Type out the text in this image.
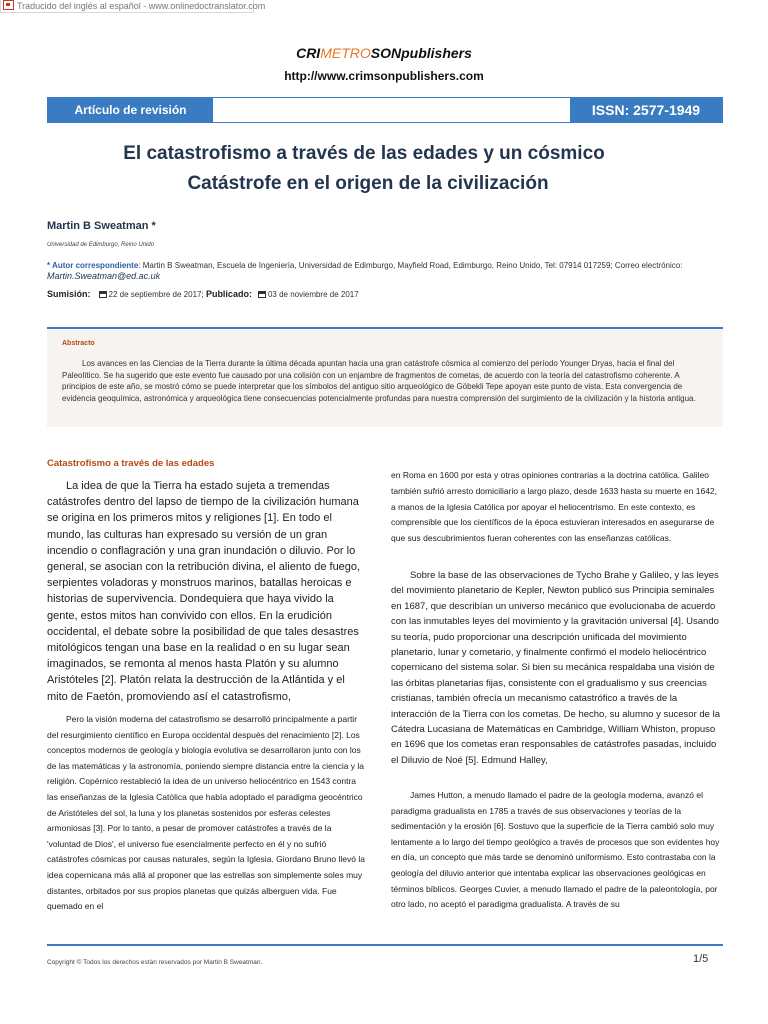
Traducido del inglés al español - www.onlinedoctranslator.com
CRIMETROSONpublishers
http://www.crimsonpublishers.com
Artículo de revisión	ISSN: 2577-1949
El catastrofismo a través de las edades y un cósmico
Catástrofe en el origen de la civilización
Martin B Sweatman *
Universidad de Edimburgo, Reino Unido
* Autor correspondiente: Martin B Sweatman, Escuela de Ingeniería, Universidad de Edimburgo, Mayfield Road, Edimburgo, Reino Unido, Tel: 07914 017259; Correo electrónico: Martin.Sweatman@ed.ac.uk
Sumisión: 22 de septiembre de 2017; Publicado: 03 de noviembre de 2017
Abstracto
Los avances en las Ciencias de la Tierra durante la última década apuntan hacia una gran catástrofe cósmica al comienzo del período Younger Dryas, hacia el final del Paleolítico. Se ha sugerido que este evento fue causado por una colisión con un enjambre de fragmentos de cometas, de acuerdo con la teoría del catastrofismo coherente. A principios de este año, se mostró cómo se puede interpretar que los símbolos del antiguo sitio arqueológico de Göbekli Tepe apoyan este punto de vista. Esta convergencia de evidencia geoquímica, astronómica y arqueológica tiene consecuencias potencialmente profundas para nuestra comprensión del surgimiento de la civilización y la historia antigua.
Catastrofismo a través de las edades
La idea de que la Tierra ha estado sujeta a tremendas catástrofes dentro del lapso de tiempo de la civilización humana se origina en los primeros mitos y religiones [1]. En todo el mundo, las culturas han expresado su versión de un gran incendio o conflagración y una gran inundación o diluvio. Por lo general, se asocian con la retribución divina, el aliento de fuego, serpientes voladoras y monstruos marinos, batallas heroicas e historias de supervivencia. Dondequiera que haya vivido la gente, estos mitos han convivido con ellos. En la erudición occidental, el debate sobre la posibilidad de que tales desastres mitológicos tengan una base en la realidad o en su lugar sean imaginados, se remonta al menos hasta Platón y su alumno Aristóteles [2]. Platón relata la destrucción de la Atlántida y el mito de Faetón, promoviendo así el catastrofismo,
Pero la visión moderna del catastrofismo se desarrolló principalmente a partir del resurgimiento científico en Europa occidental después del renacimiento [2]. Los conceptos modernos de geología y biología evolutiva se desarrollaron junto con los de las matemáticas y la astronomía, poniendo siempre distancia entre la ciencia y la religión. Copérnico restableció la idea de un universo heliocéntrico en 1543 contra las enseñanzas de la Iglesia Católica que había adoptado el paradigma geocéntrico de Aristóteles del sol, la luna y los planetas sostenidos por esferas celestes armoniosas [3]. Por lo tanto, a pesar de promover catástrofes a través de la 'voluntad de Dios', el universo fue esencialmente perfecto en él y no sufrió catástrofes cósmicas por causas naturales, según la Iglesia. Giordano Bruno llevó la idea copernicana más allá al proponer que las estrellas son simplemente soles muy distantes, orbitados por sus propios planetas que quizás alberguen vida. Fue quemado en el
en Roma en 1600 por esta y otras opiniones contrarias a la doctrina católica. Galileo también sufrió arresto domiciliario a largo plazo, desde 1633 hasta su muerte en 1642, a manos de la Iglesia Católica por apoyar el heliocentrismo. En este contexto, es comprensible que los científicos de la época estuvieran interesados en asegurarse de que sus descubrimientos fueran coherentes con las enseñanzas católicas.
Sobre la base de las observaciones de Tycho Brahe y Galileo, y las leyes del movimiento planetario de Kepler, Newton publicó sus Principia seminales en 1687, que describían un universo mecánico que evolucionaba de acuerdo con las inmutables leyes del movimiento y la gravitación universal [4]. Usando su teoría, pudo proporcionar una descripción unificada del movimiento planetario, lunar y cometario, y finalmente confirmó el modelo heliocéntrico copernicano del sistema solar. Si bien su mecánica respaldaba una visión de las órbitas planetarias fijas, consistente con el gradualismo y sus creencias cristianas, también ofrecía un mecanismo catastrófico a través de la interacción de la Tierra con los cometas. De hecho, su alumno y sucesor de la Cátedra Lucasiana de Matemáticas en Cambridge, William Whiston, propuso en 1696 que los cometas eran responsables de catástrofes pasadas, incluido el Diluvio de Noé [5]. Edmund Halley,
James Hutton, a menudo llamado el padre de la geología moderna, avanzó el paradigma gradualista en 1785 a través de sus observaciones y teorías de la sedimentación y la erosión [6]. Sostuvo que la superficie de la Tierra cambió solo muy lentamente a lo largo del tiempo geológico a través de procesos que son evidentes hoy en día, un concepto que más tarde se denominó uniformismo. Esto contrastaba con la geología del diluvio anterior que intentaba explicar las observaciones geológicas en términos bíblicos. Georges Cuvier, a menudo llamado el padre de la paleontología, por otro lado, no aceptó el paradigma gradualista. A través de su
Copyright © Todos los derechos están reservados por Martin B Sweatman.	1/5
